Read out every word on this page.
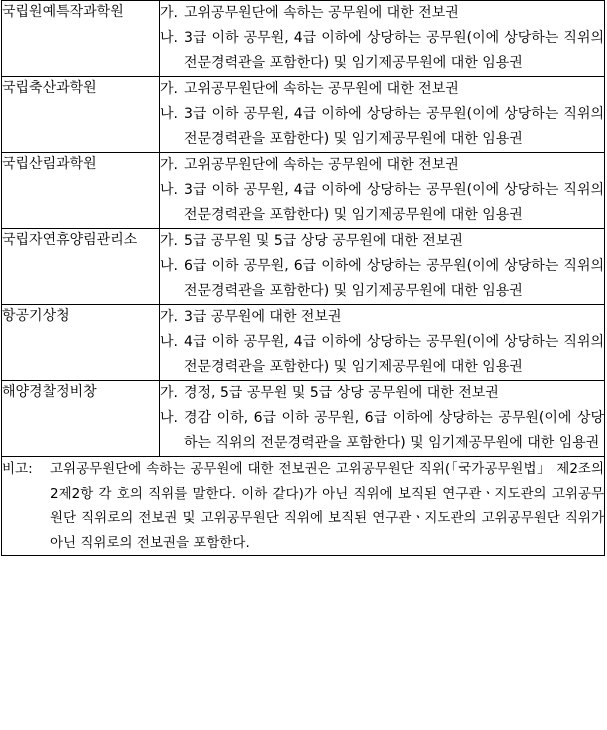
국립원예특작과학원	가. 고위공무원단에 속하는 공무원에 대한 전보권
나. 3급 이하 공무원, 4급 이하에 상당하는 공무원(이에 상당하는 직위의 전문경력관을 포함한다) 및 임기제공무원에 대한 임용권

국립축산과학원	가. 고위공무원단에 속하는 공무원에 대한 전보권
나. 3급 이하 공무원, 4급 이하에 상당하는 공무원(이에 상당하는 직위의 전문경력관을 포함한다) 및 임기제공무원에 대한 임용권

국립산림과학원	가. 고위공무원단에 속하는 공무원에 대한 전보권
나. 3급 이하 공무원, 4급 이하에 상당하는 공무원(이에 상당하는 직위의 전문경력관을 포함한다) 및 임기제공무원에 대한 임용권

국립자연휴양림관리소	가. 5급 공무원 및 5급 상당 공무원에 대한 전보권
나. 6급 이하 공무원, 6급 이하에 상당하는 공무원(이에 상당하는 직위의 전문경력관을 포함한다) 및 임기제공무원에 대한 임용권

항공기상청	가. 3급 공무원에 대한 전보권
나. 4급 이하 공무원, 4급 이하에 상당하는 공무원(이에 상당하는 직위의 전문경력관을 포함한다) 및 임기제공무원에 대한 임용권

해양경찰정비창	가. 경정, 5급 공무원 및 5급 상당 공무원에 대한 전보권
나. 경감 이하, 6급 이하 공무원, 6급 이하에 상당하는 공무원(이에 상당하는 직위의 전문경력관을 포함한다) 및 임기제공무원에 대한 임용권

비고: 고위공무원단에 속하는 공무원에 대한 전보권은 고위공무원단 직위(「국가공무원법」 제2조의2제2항 각 호의 직위를 말한다. 이하 같다)가 아닌 직위에 보직된 연구관ㆍ지도관의 고위공무원단 직위로의 전보권 및 고위공무원단 직위에 보직된 연구관ㆍ지도관의 고위공무원단 직위가 아닌 직위로의 전보권을 포함한다.	
